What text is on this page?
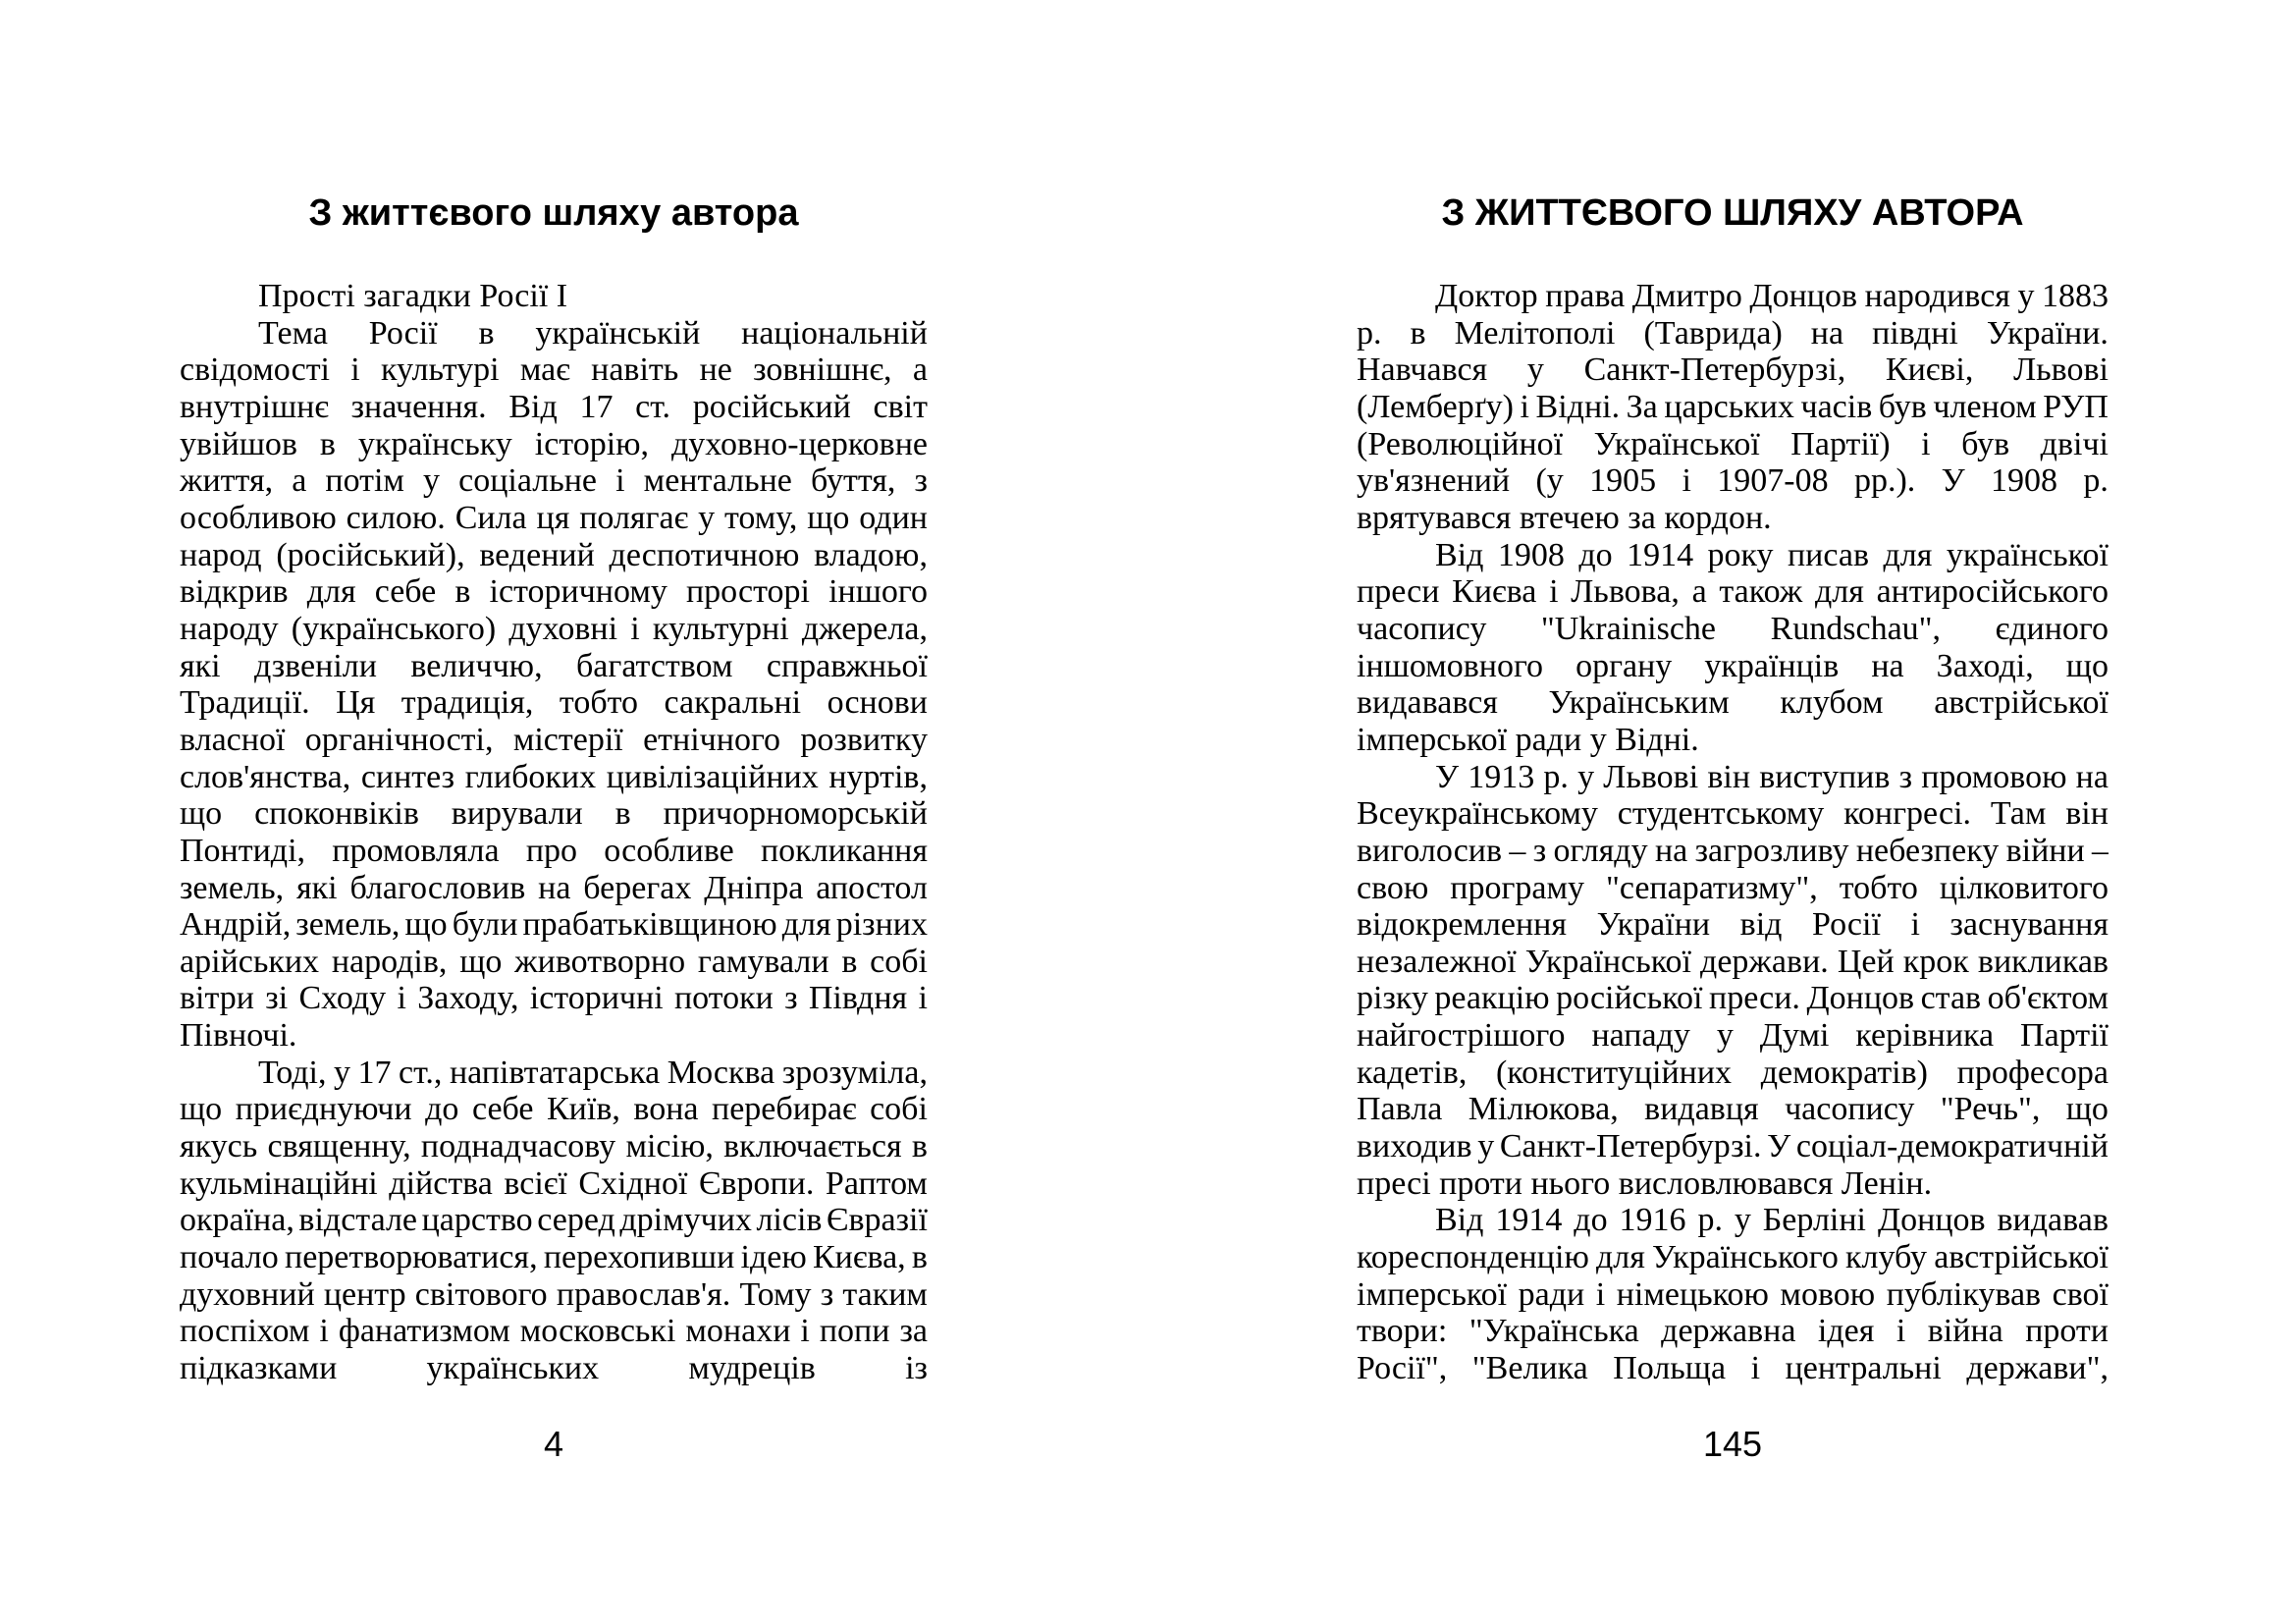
З життєвого шляху автора
Прості загадки Росії І
Тема Росії в українській національній
свідомості і культурі має навіть не зовнішнє, а
внутрішнє значення. Від 17 ст. російський світ
увійшов в українську історію, духовно-церковне
життя, а потім у соціальне і ментальне буття, з
особливою силою. Сила ця полягає у тому, що один
народ (російський), ведений деспотичною владою,
відкрив для себе в історичному просторі іншого
народу (українського) духовні і культурні джерела,
які дзвеніли величчю, багатством справжньої
Традиції. Ця традиція, тобто сакральні основи
власної органічності, містерії етнічного розвитку
слов'янства, синтез глибоких цивілізаційних нуртів,
що споконвіків вирували в причорноморській
Понтиді, промовляла про особливе покликання
земель, які благословив на берегах Дніпра апостол
Андрій, земель, що були прабатьківщиною для різних
арійських народів, що животворно гамували в собі
вітри зі Сходу і Заходу, історичні потоки з Півдня і
Півночі.
Тоді, у 17 ст., напівтатарська Москва зрозуміла,
що приєднуючи до себе Київ, вона перебирає собі
якусь священну, поднадчасову місію, включається в
кульмінаційні дійства всієї Східної Європи. Раптом
окраїна, відстале царство серед дрімучих лісів Євразії
почало перетворюватися, перехопивши ідею Києва, в
духовний центр світового православ'я. Тому з таким
поспіхом і фанатизмом московські монахи і попи за
підказками	українських	мудреців	із
4
З ЖИТТЄВОГО ШЛЯХУ АВТОРА
Доктор права Дмитро Донцов народився у 1883
р. в Мелітополі (Таврида) на півдні України.
Навчався у Санкт-Петербурзі, Києві, Львові
(Лемберґу) і Відні. За царських часів був членом РУП
(Революційної Української Партії) і був двічі
ув'язнений (у 1905 і 1907-08 рр.). У 1908 р.
врятувався втечею за кордон.
Від 1908 до 1914 року писав для української
преси Києва і Львова, а також для антиросійського
часопису "Ukrainische Rundschau", єдиного
іншомовного органу українців на Заході, що
видавався Українським клубом австрійської
імперської ради у Відні.
У 1913 р. у Львові він виступив з промовою на
Всеукраїнському студентському конгресі. Там він
виголосив – з огляду на загрозливу небезпеку війни –
свою програму "сепаратизму", тобто цілковитого
відокремлення України від Росії і заснування
незалежної Української держави. Цей крок викликав
різку реакцію російської преси. Донцов став об'єктом
найгострішого нападу у Думі керівника Партії
кадетів, (конституційних демократів) професора
Павла Мілюкова, видавця часопису "Речь", що
виходив у Санкт-Петербурзі. У соціал-демократичній
пресі проти нього висловлювався Ленін.
Від 1914 до 1916 р. у Берліні Донцов видавав
кореспонденцію для Українського клубу австрійської
імперської ради і німецькою мовою публікував свої
твори: "Українська державна ідея і війна проти
Росії", "Велика Польща і центральні держави",
145
